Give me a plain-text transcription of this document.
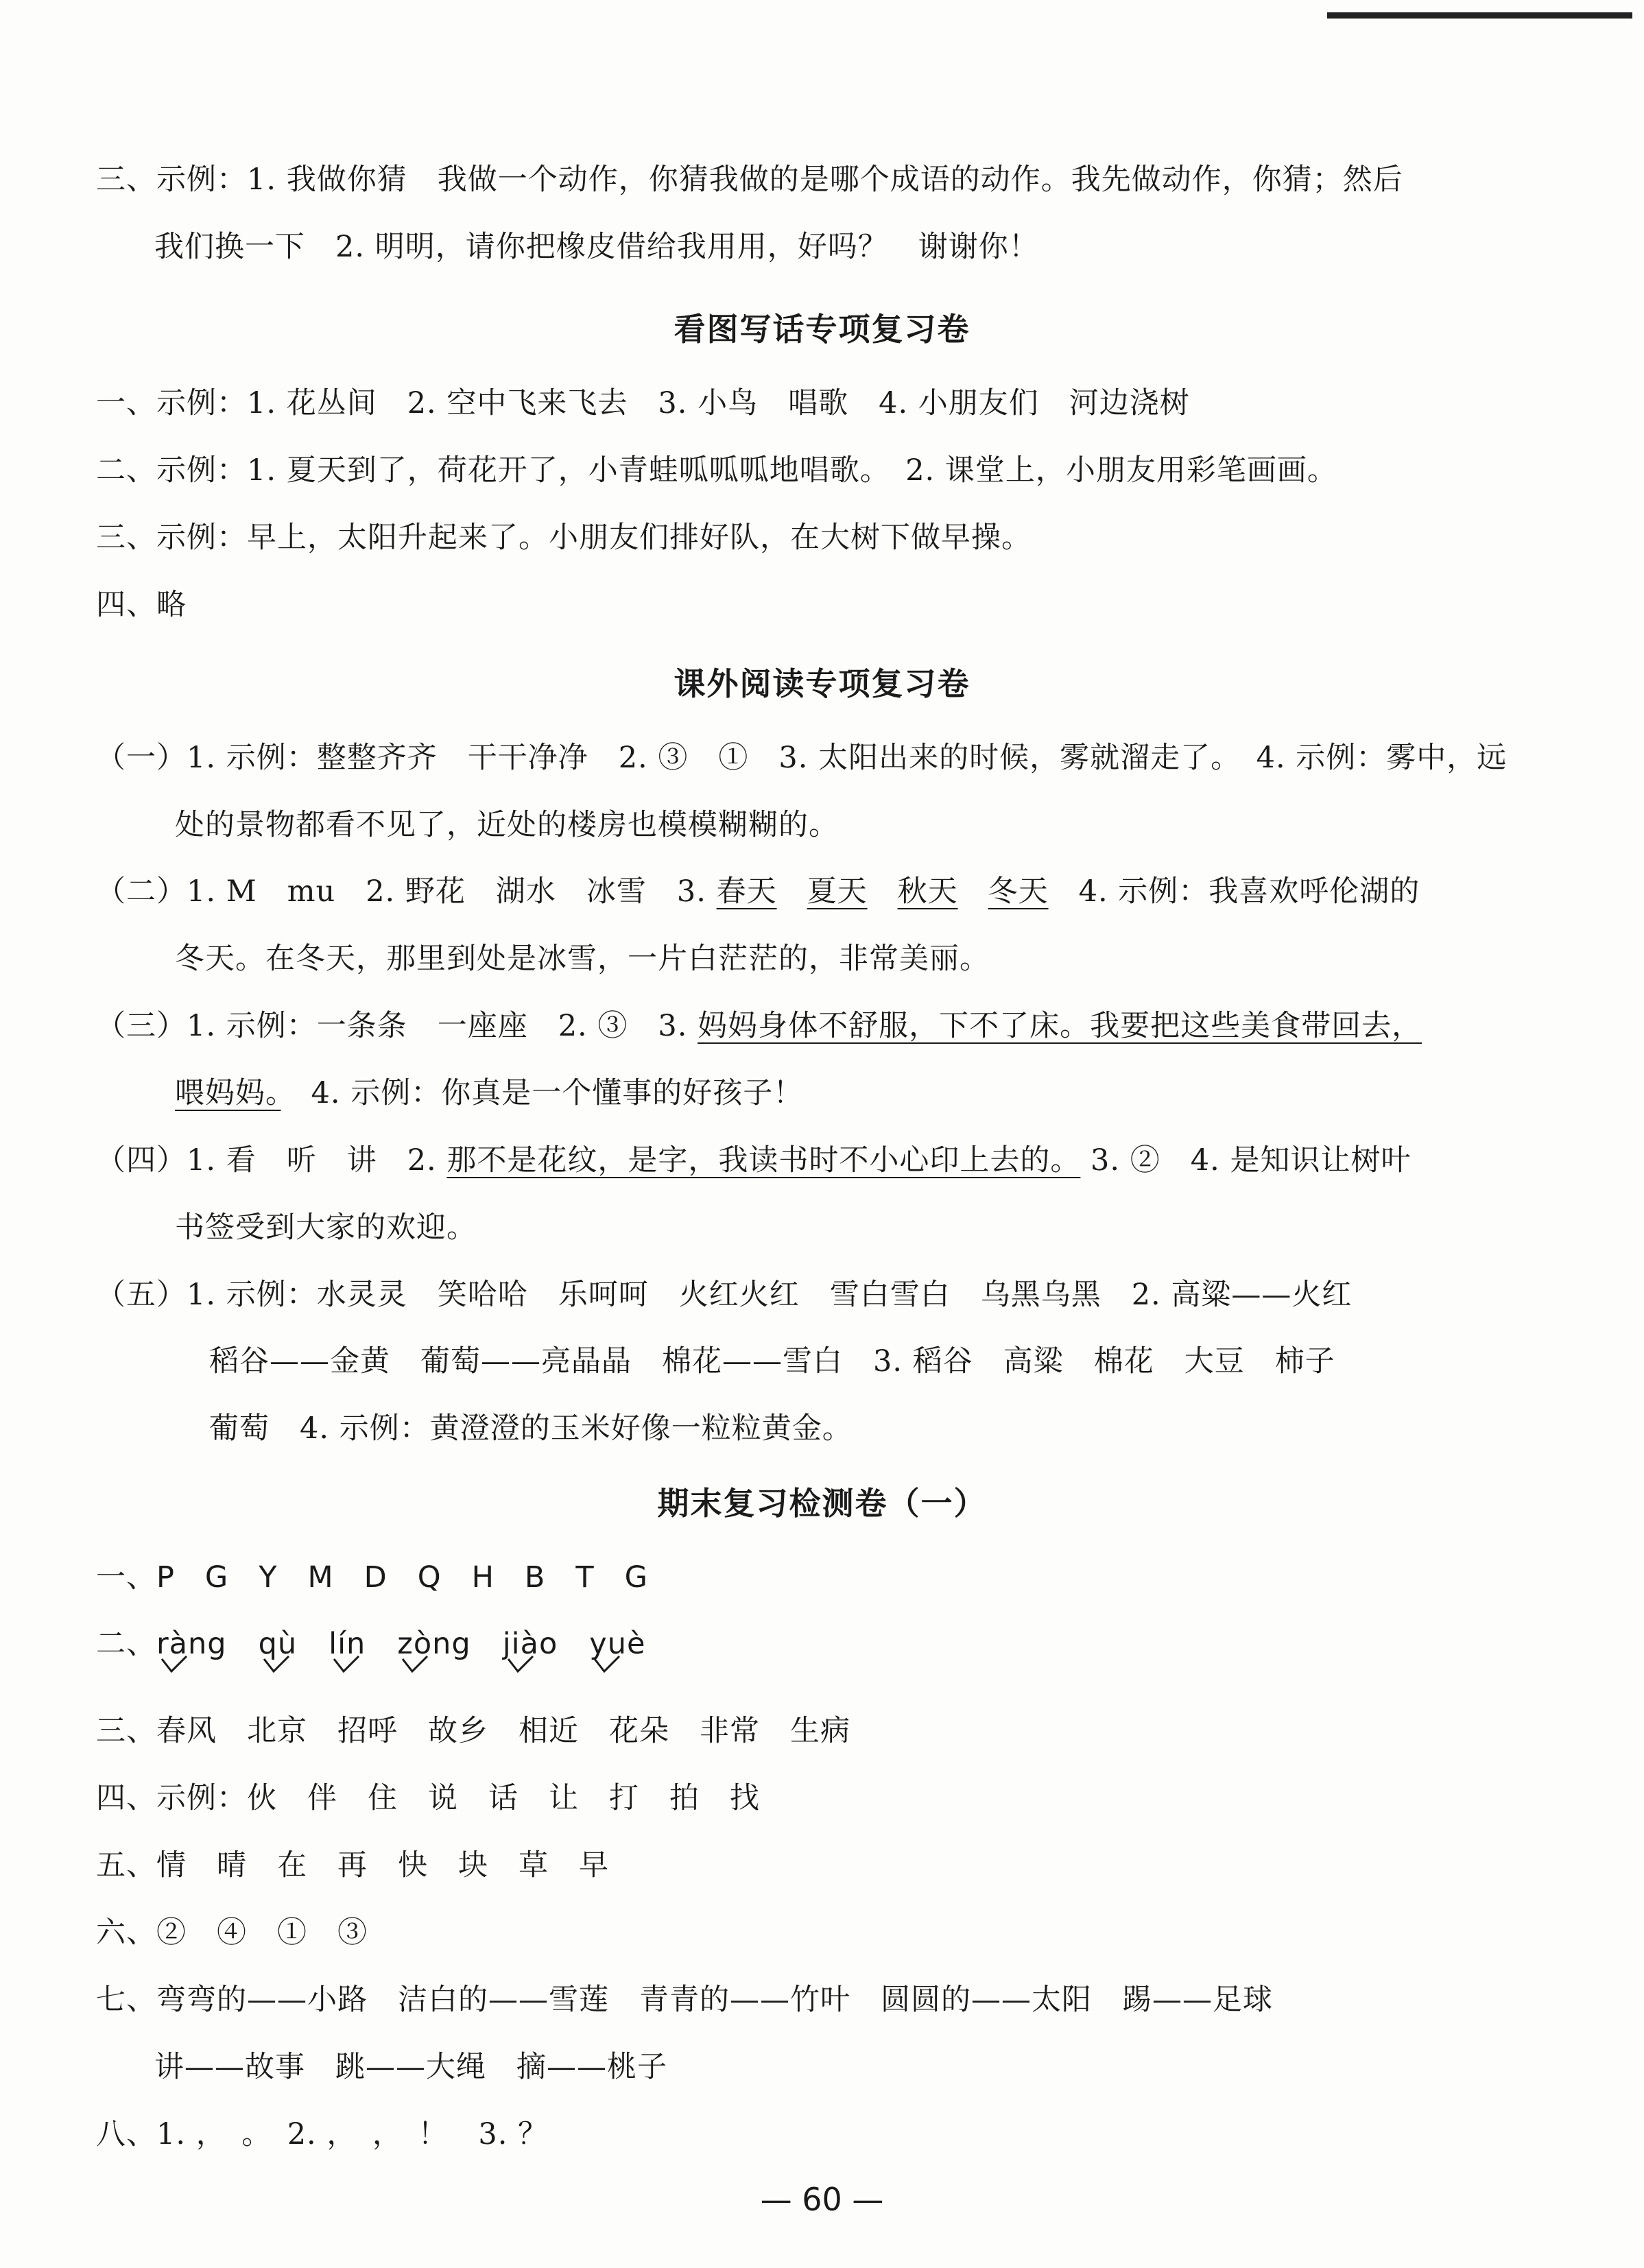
三、示例：1. 我做你猜　我做一个动作，你猜我做的是哪个成语的动作。我先做动作，你猜；然后
我们换一下　2. 明明，请你把橡皮借给我用用，好吗？　谢谢你！
看图写话专项复习卷
一、示例：1. 花丛间　2. 空中飞来飞去　3. 小鸟　唱歌　4. 小朋友们　河边浇树
二、示例：1. 夏天到了，荷花开了，小青蛙呱呱呱地唱歌。　2. 课堂上，小朋友用彩笔画画。
三、示例：早上，太阳升起来了。小朋友们排好队，在大树下做早操。
四、略
课外阅读专项复习卷
（一）1. 示例：整整齐齐　干干净净　2. ③　①　3. 太阳出来的时候，雾就溜走了。　4. 示例：雾中，远
处的景物都看不见了，近处的楼房也模模糊糊的。
（二）1. M　mu　2. 野花　湖水　冰雪　3. 春天　 夏天　 秋天　 冬天　4. 示例：我喜欢呼伦湖的
冬天。在冬天，那里到处是冰雪，一片白茫茫的，非常美丽。
（三）1. 示例：一条条　一座座　2. ③　3. 妈妈身体不舒服，下不了床。我要把这些美食带回去，
喂妈妈。　4. 示例：你真是一个懂事的好孩子！
（四）1. 看　听　讲　2. 那不是花纹，是字，我读书时不小心印上去的。 3. ②　4. 是知识让树叶
书签受到大家的欢迎。
（五）1. 示例：水灵灵　笑哈哈　乐呵呵　火红火红　雪白雪白　乌黑乌黑　2. 高粱——火红
稻谷——金黄　葡萄——亮晶晶　棉花——雪白　3. 稻谷　高粱　棉花　大豆　柿子
葡萄　4. 示例：黄澄澄的玉米好像一粒粒黄金。
期末复习检测卷（一）
一、P　G　Y　M　D　Q　H　B　T　G
二、ràng qù lín zòng jiào yuè
三、春风　北京　招呼　故乡　相近　花朵　非常　生病
四、示例：伙　伴　住　说　话　让　打　拍　找
五、情　晴　在　再　快　块　草　早
六、②　④　①　③
七、弯弯的——小路　洁白的——雪莲　青青的——竹叶　圆圆的——太阳　踢——足球
讲——故事　跳——大绳　摘——桃子
八、1. ，　。　2. ，　，　！　3. ？
— 60 —
